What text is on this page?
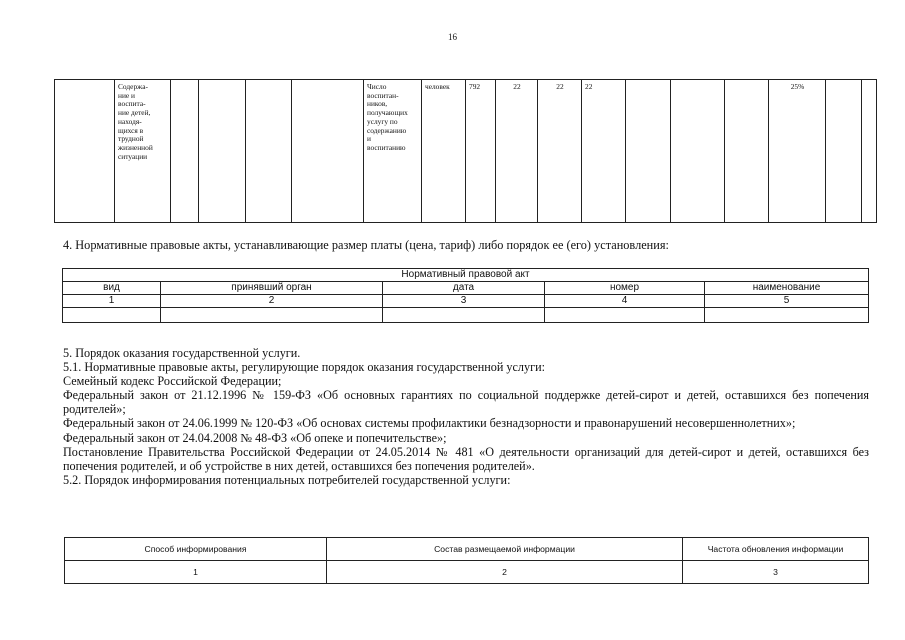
16
	Содержа-
ние и
воспита-
ние детей,
находя-
щихся в
трудной
жизненной
ситуации					Число
воспитан-
ников,
получающих
услугу по
содержанию
и
воспитанию	человек	792	22	22	22				25%		
4. Нормативные правовые акты, устанавливающие размер платы (цена, тариф) либо порядок ее (его) установления:
Нормативный правовой акт				
вид	принявший орган	дата	номер	наименование
1	2	3	4	5

5. Порядок оказания государственной услуги.

5.1. Нормативные правовые акты, регулирующие порядок оказания государственной услуги:

Семейный кодекс Российской Федерации;

Федеральный закон от 21.12.1996 № 159-ФЗ «Об основных гарантиях по социальной поддержке детей-сирот и детей, оставшихся без попечения родителей»;

Федеральный закон от 24.06.1999 № 120-ФЗ «Об основах системы профилактики безнадзорности и правонарушений несовершеннолетних»;

Федеральный закон от 24.04.2008 № 48-ФЗ «Об опеке и попечительстве»;

Постановление Правительства Российской Федерации от 24.05.2014 № 481 «О деятельности организаций для детей-сирот и детей, оставшихся без попечения родителей, и об устройстве в них детей, оставшихся без попечения родителей».

5.2. Порядок информирования потенциальных потребителей государственной услуги:

Способ информирования	Состав размещаемой информации	Частота обновления информации
1	2	3
